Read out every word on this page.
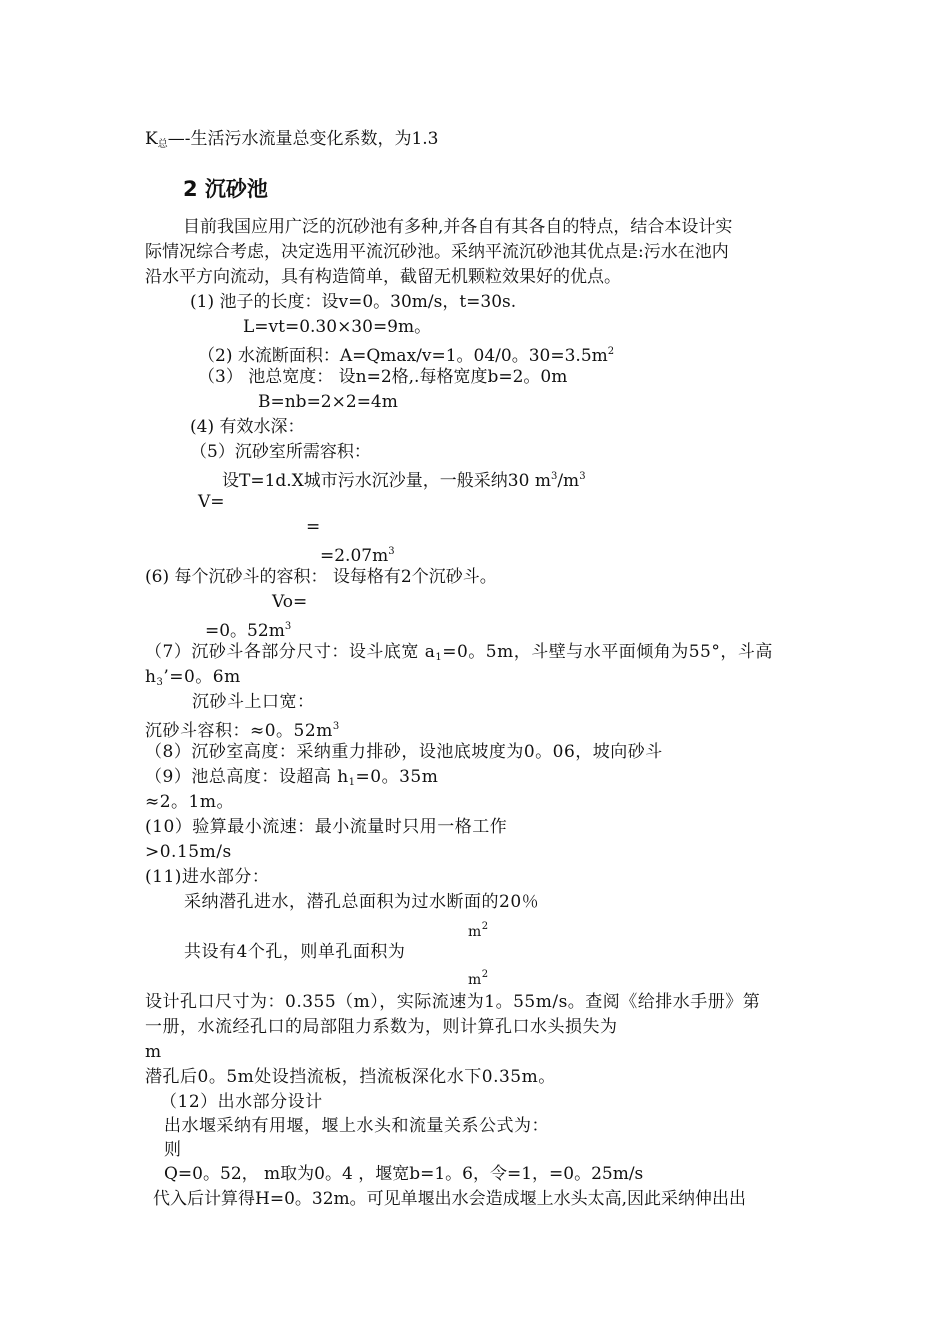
$K_总—-$生活污水流量总变化系数，为1.3
2 沉砂池
目前我国应用广泛的沉砂池有多种,并各自有其各自的特点，结合本设计实
际情况综合考虑，决定选用平流沉砂池。采纳平流沉砂池其优点是:污水在池内
沿水平方向流动，具有构造简单，截留无机颗粒效果好的优点。
(1) 池子的长度：设v=0。30m/s，t=30s.
L=vt=0.30×30=9m。
（2) 水流断面积：A=Qmax/v=1。04/0。$30=3.5m^2$
（3） 池总宽度： 设n=2格,.每格宽度b=2。0m
B=nb=2×2=4m
(4) 有效水深：
（5）沉砂室所需容积：
设T=1d.X城市污水沉沙量，一般采纳30 $m^3/m^3$
V=
=
$=2.07m^3$
(6) 每个沉砂斗的容积： 设每格有2个沉砂斗。
Vo=
=0。$52m^3$
（7）沉砂斗各部分尺寸：设斗底宽 $a_1=0$。5m，斗壁与水平面倾角为55°，斗高
$h_3’=0$。6m
沉砂斗上口宽：
沉砂斗容积：≈0。$52m^3$
（8）沉砂室高度：采纳重力排砂，设池底坡度为0。06，坡向砂斗
（9）池总高度：设超高 $h_1=0$。35m
≈2。1m。
(10）验算最小流速：最小流量时只用一格工作
>0.15m/s
(11)进水部分：
采纳潜孔进水，潜孔总面积为过水断面的20％
$m^2$
共设有4个孔，则单孔面积为
$m^2$
设计孔口尺寸为：0.355（m），实际流速为1。55m/s。查阅《给排水手册》第
一册，水流经孔口的局部阻力系数为，则计算孔口水头损失为
m
潜孔后0。5m处设挡流板，挡流板深化水下0.35m。
（12）出水部分设计
出水堰采纳有用堰，堰上水头和流量关系公式为：
则
Q=0。52， m取为0。4 ，堰宽b=1。6，令=1，=0。25m/s
代入后计算得H=0。32m。可见单堰出水会造成堰上水头太高,因此采纳伸出出
